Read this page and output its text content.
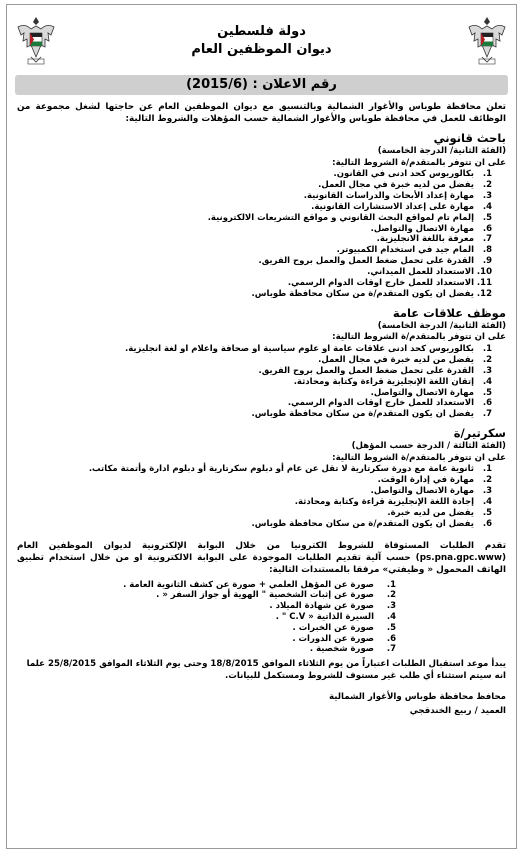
دولة فلسطين
ديوان الموظفين العام
رقم الاعلان : (2015/6)
تعلن محافظة طوباس والأغوار الشمالية وبالتنسيق مع ديوان الموظفين العام عن حاجتها لشغل مجموعة من الوظائف للعمل في محافظة طوباس والأغوار الشمالية حسب المؤهلات والشروط التالية:
باحث قانوني
(الفئة الثانية/ الدرجة الخامسة)
على ان تتوفر بالمتقدم/ة الشروط التالية:
1.
بكالوريوس كحد ادنى في القانون.
2.
يفضل من لديه خبرة في مجال العمل.
3.
مهارة إعداد الأبحاث والدراسات القانونية.
4.
مهارة على إعداد الاستشارات القانونية.
5.
إلمام تام لمواقع البحث القانوني و مواقع التشريعات الالكترونية.
6.
مهارة الاتصال والتواصل.
7.
معرفة باللغة الانجليزية.
8.
المام جيد في استخدام الكمبيوتر.
9.
القدرة على تحمل ضغط العمل والعمل بروح الفريق.
10.
الاستعداد للعمل الميداني.
11.
الاستعداد للعمل خارج اوقات الدوام الرسمي.
12.
يفضل ان يكون المتقدم/ة من سكان محافظة طوباس.
موظف علاقات عامة
(الفئة الثانية/ الدرجة الخامسة)
على ان تتوفر بالمتقدم/ة الشروط التالية:
1.
بكالوريوس كحد ادنى علاقات عامة او علوم سياسية او صحافة واعلام او لغة انجليزية.
2.
يفضل من لديه خبرة في مجال العمل.
3.
القدرة على تحمل ضغط العمل والعمل بروح الفريق.
4.
إتقان اللغة الإنجليزية قراءة وكتابة ومحادثة.
5.
مهارة الاتصال والتواصل.
6.
الاستعداد للعمل خارج اوقات الدوام الرسمي.
7.
يفضل ان يكون المتقدم/ة من سكان محافظة طوباس.
سكرتير/ة
(الفئة الثالثة / الدرجة حسب المؤهل)
على ان تتوفر بالمتقدم/ة الشروط التالية:
1.
ثانوية عامة مع دورة سكرتارية لا تقل عن عام أو دبلوم سكرتارية أو دبلوم ادارة وأتمتة مكاتب.
2.
مهارة في إدارة الوقت.
3.
مهارة الاتصال والتواصل.
4.
إجادة اللغة الإنجليزية قراءة وكتابة ومحادثة.
5.
يفضل من لديه خبرة.
6.
يفضل ان يكون المتقدم/ة من سكان محافظة طوباس.
تقدم الطلبات المستوفاة للشروط الكترونيا من خلال البوابة الإلكترونية لديوان الموظفين العام (ps.pna.gpc.www) حسب آلية تقديم الطلبات الموجودة على البوابة الالكترونية او من خلال استخدام تطبيق الهاتف المحمول « وظيفتي» مرفقا بالمستندات التالية:
1.
صورة عن المؤهل العلمي + صورة عن كشف الثانوية العامة .
2.
صورة عن إثبات الشخصية " الهوية أو جواز السفر « .
3.
صورة عن شهادة الميلاد .
4.
السيرة الذاتية « C.V " .
5.
صورة عن الخبرات .
6.
صورة عن الدورات .
7.
صورة شخصية .
يبدأ موعد استقبال الطلبات اعتباراً من يوم الثلاثاء الموافق 18/8/2015 وحتى يوم الثلاثاء الموافق 25/8/2015 علما انه سيتم استثناء أي طلب غير مستوف للشروط ومستكمل للبيانات.
محافظ محافظة طوباس والأغوار الشمالية
العميد / ربيع الخندقجي
